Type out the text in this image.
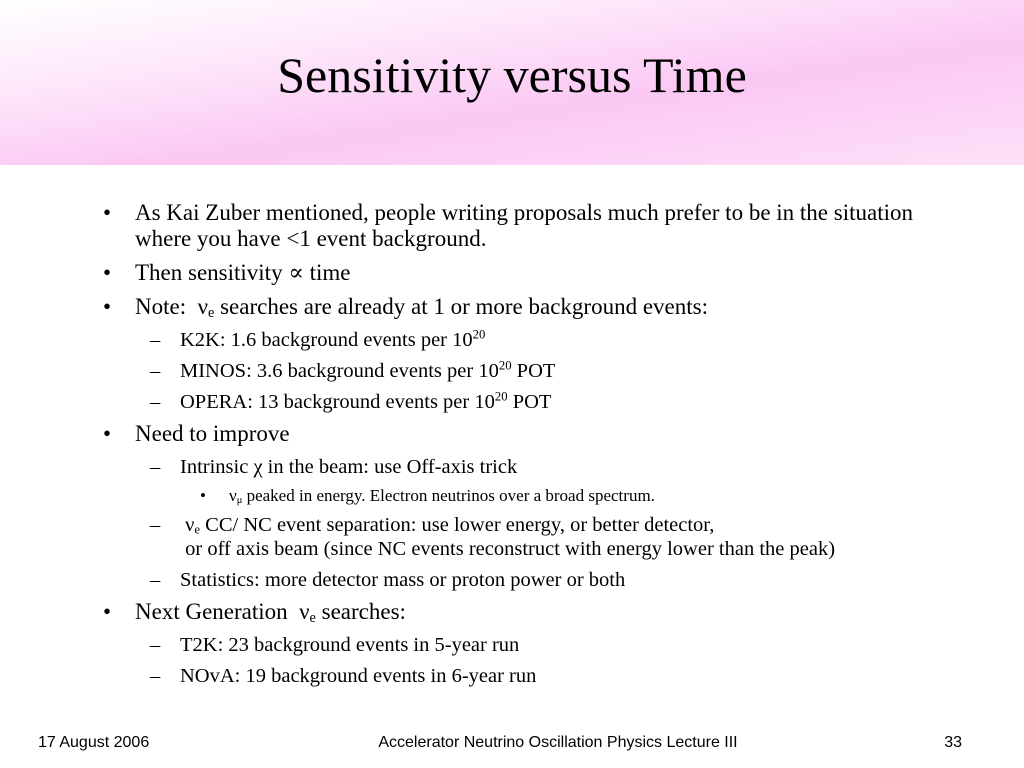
Sensitivity versus Time
• As Kai Zuber mentioned, people writing proposals much prefer to be in the situation where you have <1 event background.
• Then sensitivity ∝ time
• Note:  νe searches are already at 1 or more background events:
– K2K: 1.6 background events per $10^{20}$
– MINOS: 3.6 background events per $10^{20}$ POT
– OPERA: 13 background events per $10^{20}$ POT
• Need to improve
– Intrinsic χ in the beam: use Off-axis trick
• $\nu_\mu$ peaked in energy. Electron neutrinos over a broad spectrum.
– νe CC/ NC event separation: use lower energy, or better detector,
or off axis beam (since NC events reconstruct with energy lower than the peak)
– Statistics: more detector mass or proton power or both
• Next Generation  νe searches:
– T2K: 23 background events in 5-year run
– NOvA: 19 background events in 6-year run
17 August 2006	Accelerator Neutrino Oscillation Physics Lecture III	33
